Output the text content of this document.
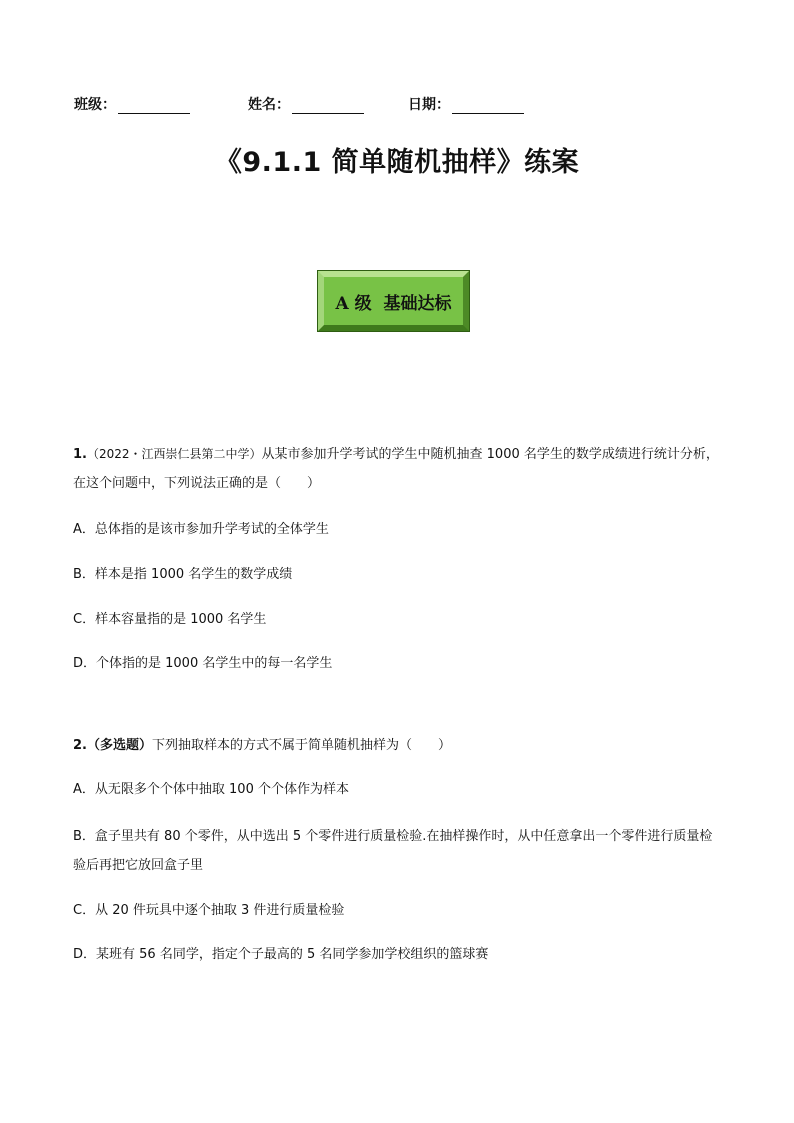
班级：	姓名：	日期：
《9.1.1 简单随机抽样》练案
A 级  基础达标
1.（2022・江西崇仁县第二中学）从某市参加升学考试的学生中随机抽查 1000 名学生的数学成绩进行统计分析，在这个问题中，下列说法正确的是（　　）
A．总体指的是该市参加升学考试的全体学生
B．样本是指 1000 名学生的数学成绩
C．样本容量指的是 1000 名学生
D．个体指的是 1000 名学生中的每一名学生
2.（多选题）下列抽取样本的方式不属于简单随机抽样为（　　）
A．从无限多个个体中抽取 100 个个体作为样本
B．盒子里共有 80 个零件，从中选出 5 个零件进行质量检验.在抽样操作时，从中任意拿出一个零件进行质量检验后再把它放回盒子里
C．从 20 件玩具中逐个抽取 3 件进行质量检验
D．某班有 56 名同学，指定个子最高的 5 名同学参加学校组织的篮球赛
